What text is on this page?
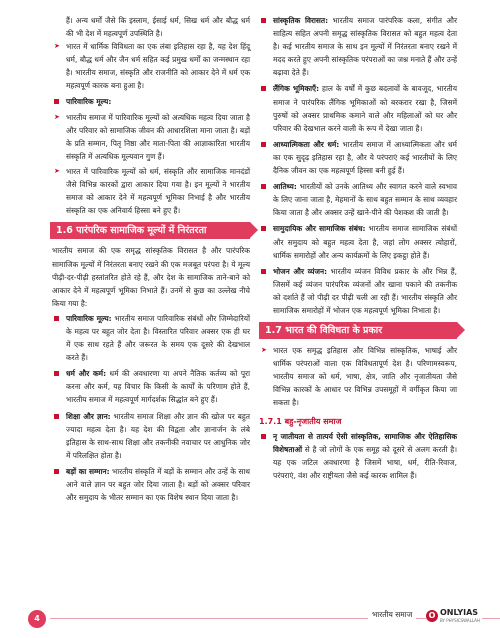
हैं। अन्य धर्मों जैसे कि इस्लाम, ईसाई धर्म, सिख धर्म और बौद्ध धर्म की भी देश में महत्वपूर्ण उपस्थिति है।

➤ भारत में धार्मिक विविधता का एक लंबा इतिहास रहा है, यह देश हिंदू धर्म, बौद्ध धर्म और जैन धर्म सहित कई प्रमुख धर्मों का जन्मस्थान रहा है। भारतीय समाज, संस्कृति और राजनीति को आकार देने में धर्म एक महत्वपूर्ण कारक बना हुआ है।
पारिवारिक मूल्य:
➤ भारतीय समाज में पारिवारिक मूल्यों को अत्यधिक महत्व दिया जाता है और परिवार को सामाजिक जीवन की आधारशिला माना जाता है। बड़ों के प्रति सम्मान, पितृ निष्ठा और माता-पिता की आज्ञाकारिता भारतीय संस्कृति में अत्यधिक मूल्यवान गुण हैं।
➤ भारत में पारिवारिक मूल्यों को धर्म, संस्कृति और सामाजिक मानदंडों जैसे विभिन्न कारकों द्वारा आकार दिया गया है। इन मूल्यों ने भारतीय समाज को आकार देने में महत्वपूर्ण भूमिका निभाई है और भारतीय संस्कृति का एक अनिवार्य हिस्सा बने हुए हैं।
1.6 पारंपरिक सामाजिक मूल्यों में निरंतरता

भारतीय समाज की एक समृद्ध सांस्कृतिक विरासत है और पारंपरिक सामाजिक मूल्यों में निरंतरता बनाए रखने की एक मजबूत परंपरा है। ये मूल्य पीढ़ी-दर-पीढ़ी हस्तांतरित होते रहे हैं, और देश के सामाजिक ताने-बाने को आकार देने में महत्वपूर्ण भूमिका निभाते हैं। उनमें से कुछ का उल्लेख नीचे किया गया है:

पारिवारिक मूल्य: भारतीय समाज पारिवारिक संबंधों और जिम्मेदारियों के महत्व पर बहुत जोर देता है। विस्तारित परिवार अक्सर एक ही घर में एक साथ रहते हैं और जरूरत के समय एक दूसरे की देखभाल करते हैं।
धर्म और कर्म: धर्म की अवधारणा या अपने नैतिक कर्तव्य को पूरा करना और कर्म, यह विचार कि किसी के कार्यों के परिणाम होते हैं, भारतीय समाज में महत्वपूर्ण मार्गदर्शक सिद्धांत बने हुए हैं।
शिक्षा और ज्ञान: भारतीय समाज शिक्षा और ज्ञान की खोज पर बहुत ज्यादा महत्व देता है। यह देश की विद्वता और ज्ञानार्जन के लंबे इतिहास के साथ-साथ शिक्षा और तकनीकी नवाचार पर आधुनिक जोर में परिलक्षित होता है।
बड़ों का सम्मान: भारतीय संस्कृति में बड़ों के सम्मान और उन्हें के साथ आने वाले ज्ञान पर बहुत जोर दिया जाता है। बड़ों को अक्सर परिवार और समुदाय के भीतर सम्मान का एक विशेष स्थान दिया जाता है।
सांस्कृतिक विरासत: भारतीय समाज पारंपरिक कला, संगीत और साहित्य सहित अपनी समृद्ध सांस्कृतिक विरासत को बहुत महत्व देता है। कई भारतीय समाज के साथ इन मूल्यों में निरंतरता बनाए रखने में मदद करते हुए अपनी सांस्कृतिक परंपराओं का जश्न मनाते हैं और उन्हें बढ़ावा देते हैं।
लैंगिक भूमिकाएँ: हाल के वर्षों में कुछ बदलावों के बावजूद, भारतीय समाज ने पारंपरिक लैंगिक भूमिकाओं को बरकरार रखा है, जिसमें पुरुषों को अक्सर प्राथमिक कमाने वाले और महिलाओं को घर और परिवार की देखभाल करने वाली के रूप में देखा जाता है।
आध्यात्मिकता और धर्म: भारतीय समाज में आध्यात्मिकता और धर्म का एक सुदृढ़ इतिहास रहा है, और ये परंपराएं कई भारतीयों के लिए दैनिक जीवन का एक महत्वपूर्ण हिस्सा बनी हुई हैं।
आतिथ्य: भारतीयों को उनके आतिथ्य और स्वागत करने वाले स्वभाव के लिए जाना जाता है, मेहमानों के साथ बहुत सम्मान के साथ व्यवहार किया जाता है और अक्सर उन्हें खाने-पीने की पेशकश की जाती है।
सामुदायिक और सामाजिक संबंध: भारतीय समाज सामाजिक संबंधों और समुदाय को बहुत महत्व देता है, जहां लोग अक्सर त्योहारों, धार्मिक समारोहों और अन्य कार्यक्रमों के लिए इकट्ठा होते हैं।
भोजन और व्यंजन: भारतीय व्यंजन विविध प्रकार के और भिन्न हैं, जिसमें कई व्यंजन पारंपरिक व्यंजनों और खाना पकाने की तकनीक को दर्शाते हैं जो पीढ़ी दर पीढ़ी चली आ रही हैं। भारतीय संस्कृति और सामाजिक समारोहों में भोजन एक महत्वपूर्ण भूमिका निभाता है।
1.7 भारत की विविधता के प्रकार
➤ भारत एक समृद्ध इतिहास और विभिन्न सांस्कृतिक, भाषाई और धार्मिक परंपराओं वाला एक विविधतापूर्ण देश है। परिणामस्वरूप, भारतीय समाज को धर्म, भाषा, क्षेत्र, जाति और नृजातीयता जैसे विभिन्न कारकों के आधार पर विभिन्न उपसमूहों में वर्गीकृत किया जा सकता है।
1.7.1 बहु-नृजातीय समाज
नृ जातीयता से तात्पर्य ऐसी सांस्कृतिक, सामाजिक और ऐतिहासिक विशेषताओं से है जो लोगों के एक समूह को दूसरे से अलग करती है। यह एक जटिल अवधारणा है जिसमें भाषा, धर्म, रीति-रिवाज, परंपराएं, वंश और राष्ट्रीयता जैसे कई कारक शामिल हैं।
4	भारतीय समाज	O ONLYIAS
BY PHYSICSWALLAH
